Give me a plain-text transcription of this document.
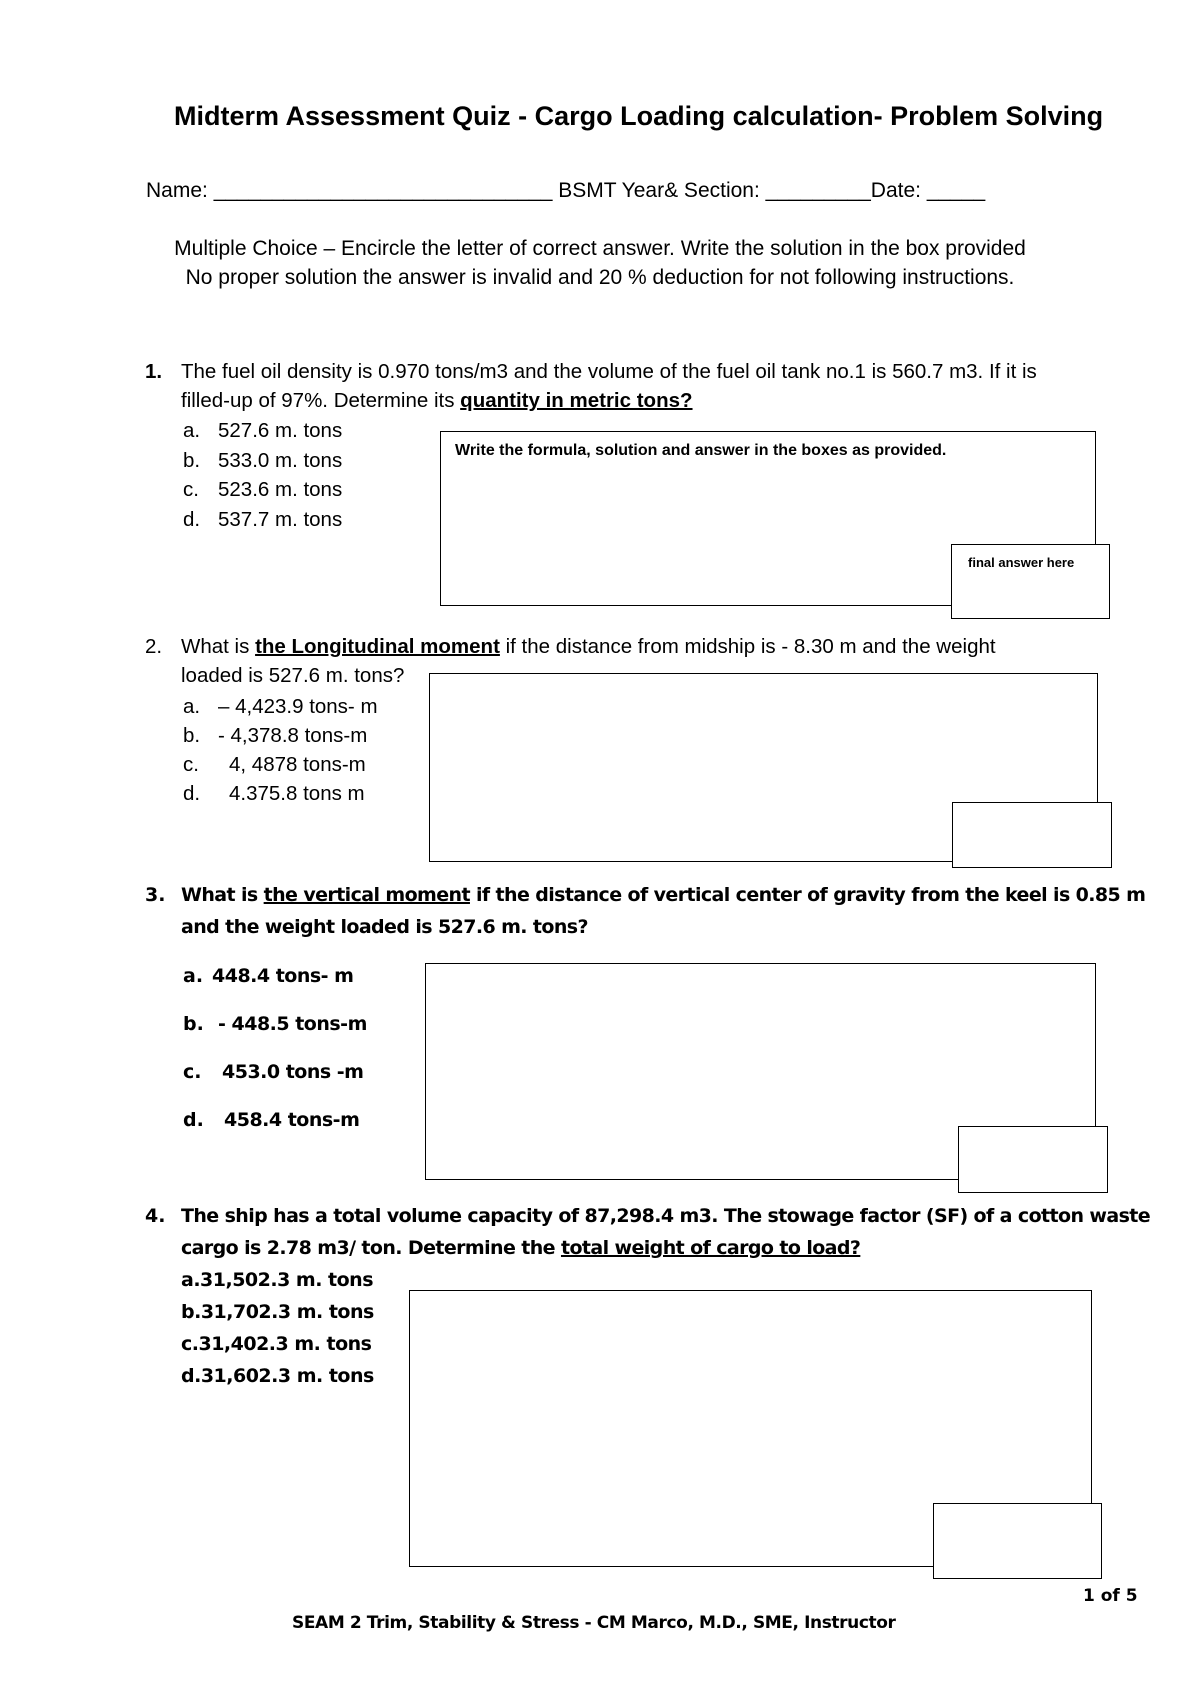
Midterm Assessment Quiz - Cargo Loading calculation- Problem Solving
Name: _____________________________ BSMT Year& Section: _________Date: _____
Multiple Choice – Encircle the letter of correct answer. Write the solution in the box provided
No proper solution the answer is invalid and 20 % deduction for not following instructions.
1. The fuel oil density is 0.970 tons/m3 and the volume of the fuel oil tank no.1 is 560.7 m3. If it is
filled-up of 97%. Determine its quantity in metric tons?
a. 527.6 m. tons
b. 533.0 m. tons
c. 523.6 m. tons
d. 537.7 m. tons
Write the formula, solution and answer in the boxes as provided.
final answer here
2. What is the Longitudinal moment if the distance from midship is - 8.30 m and the weight
loaded is 527.6 m. tons?
a. – 4,423.9 tons- m
b. - 4,378.8 tons-m
c. 4, 4878 tons-m
d. 4.375.8 tons m
3. What is the vertical moment if the distance of vertical center of gravity from the keel is 0.85 m
and the weight loaded is 527.6 m. tons?
a. 448.4 tons- m
b. - 448.5 tons-m
c. 453.0 tons -m
d. 458.4 tons-m
4. The ship has a total volume capacity of 87,298.4 m3. The stowage factor (SF) of a cotton waste
cargo is 2.78 m3/ ton. Determine the total weight of cargo to load?
a.31,502.3 m. tons
b.31,702.3 m. tons
c.31,402.3 m. tons
d.31,602.3 m. tons
1 of 5
SEAM 2 Trim, Stability & Stress - CM Marco, M.D., SME, Instructor
